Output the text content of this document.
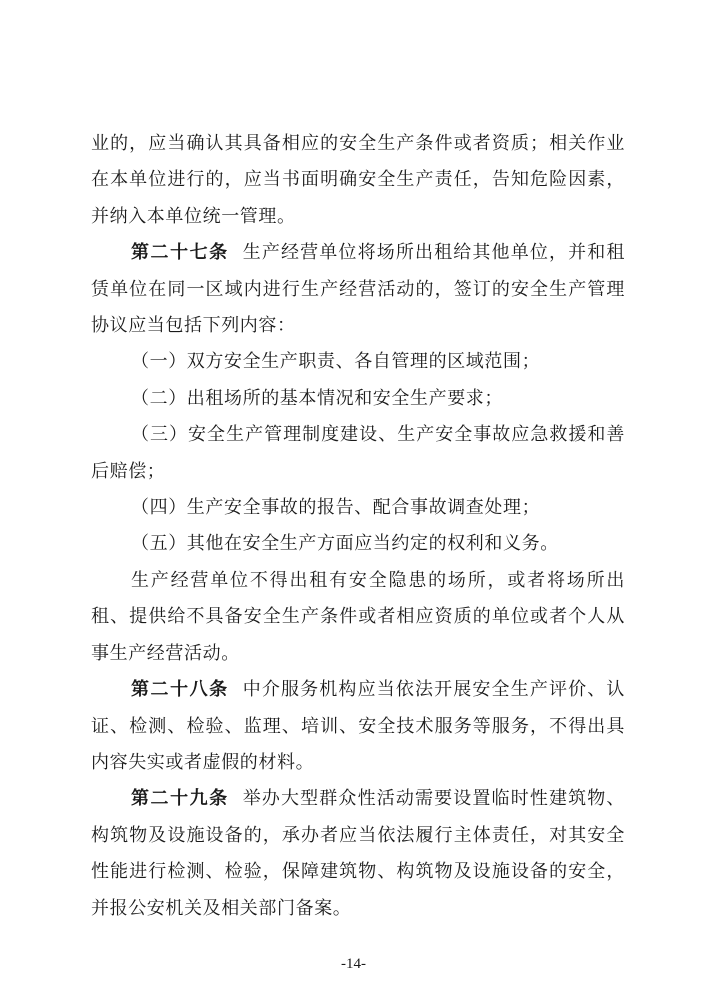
业的，应当确认其具备相应的安全生产条件或者资质；相关作业在本单位进行的，应当书面明确安全生产责任，告知危险因素，并纳入本单位统一管理。

第二十七条 生产经营单位将场所出租给其他单位，并和租赁单位在同一区域内进行生产经营活动的，签订的安全生产管理协议应当包括下列内容：

（一）双方安全生产职责、各自管理的区域范围；

（二）出租场所的基本情况和安全生产要求；

（三）安全生产管理制度建设、生产安全事故应急救援和善后赔偿；

（四）生产安全事故的报告、配合事故调查处理；

（五）其他在安全生产方面应当约定的权利和义务。

生产经营单位不得出租有安全隐患的场所，或者将场所出租、提供给不具备安全生产条件或者相应资质的单位或者个人从事生产经营活动。

第二十八条 中介服务机构应当依法开展安全生产评价、认证、检测、检验、监理、培训、安全技术服务等服务，不得出具内容失实或者虚假的材料。

第二十九条 举办大型群众性活动需要设置临时性建筑物、构筑物及设施设备的，承办者应当依法履行主体责任，对其安全性能进行检测、检验，保障建筑物、构筑物及设施设备的安全，并报公安机关及相关部门备案。

-14-
